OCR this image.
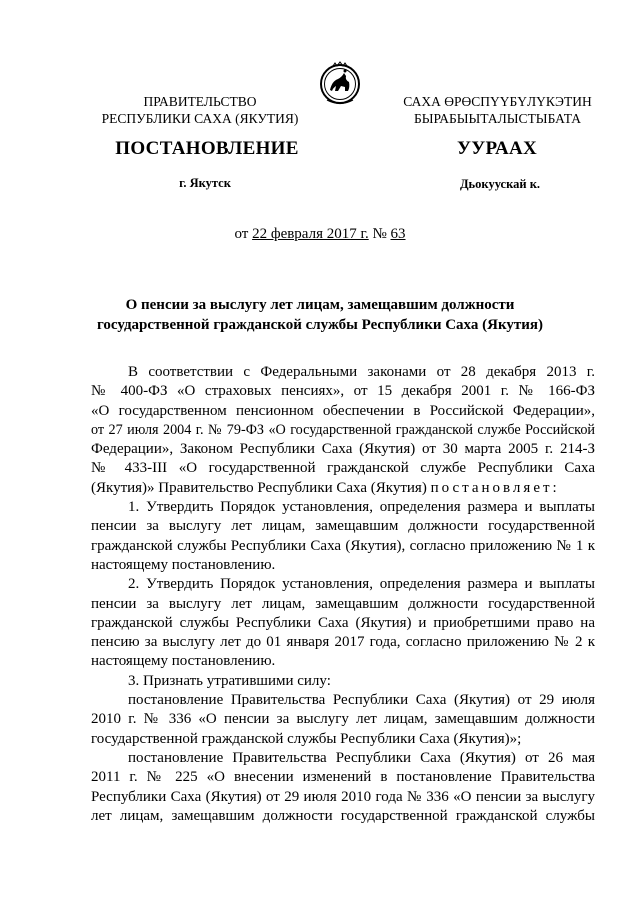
ПРАВИТЕЛЬСТВО
РЕСПУБЛИКИ САХА (ЯКУТИЯ)
САХА ӨРӨСПҮҮБҮЛҮКЭТИН
БЫРАБЫЫТАЛЫСТЫБАТА
ПОСТАНОВЛЕНИЕ	УУРААХ
г. Якутск	Дьокуускай к.
от 22 февраля 2017 г. № 63
О пенсии за выслугу лет лицам, замещавшим должности
государственной гражданской службы Республики Саха (Якутия)

В соответствии с Федеральными законами от 28 декабря 2013 г.

№ 400-ФЗ «О страховых пенсиях», от 15 декабря 2001 г. № 166-ФЗ

«О государственном пенсионном обеспечении в Российской Федерации»,

от 27 июля 2004 г. № 79-ФЗ «О государственной гражданской службе Российской

Федерации», Законом Республики Саха (Якутия) от 30 марта 2005 г. 214-З

№ 433-III «О государственной гражданской службе Республики Саха

(Якутия)» Правительство Республики Саха (Якутия) постановляет:

1. Утвердить Порядок установления, определения размера и выплаты

пенсии за выслугу лет лицам, замещавшим должности государственной

гражданской службы Республики Саха (Якутия), согласно приложению № 1 к

настоящему постановлению.

2. Утвердить Порядок установления, определения размера и выплаты

пенсии за выслугу лет лицам, замещавшим должности государственной

гражданской службы Республики Саха (Якутия) и приобретшими право на

пенсию за выслугу лет до 01 января 2017 года, согласно приложению № 2 к

настоящему постановлению.

3. Признать утратившими силу:

постановление Правительства Республики Саха (Якутия) от 29 июля

2010 г. № 336 «О пенсии за выслугу лет лицам, замещавшим должности

государственной гражданской службы Республики Саха (Якутия)»;

постановление Правительства Республики Саха (Якутия) от 26 мая

2011 г. № 225 «О внесении изменений в постановление Правительства

Республики Саха (Якутия) от 29 июля 2010 года № 336 «О пенсии за выслугу

лет лицам, замещавшим должности государственной гражданской службы
